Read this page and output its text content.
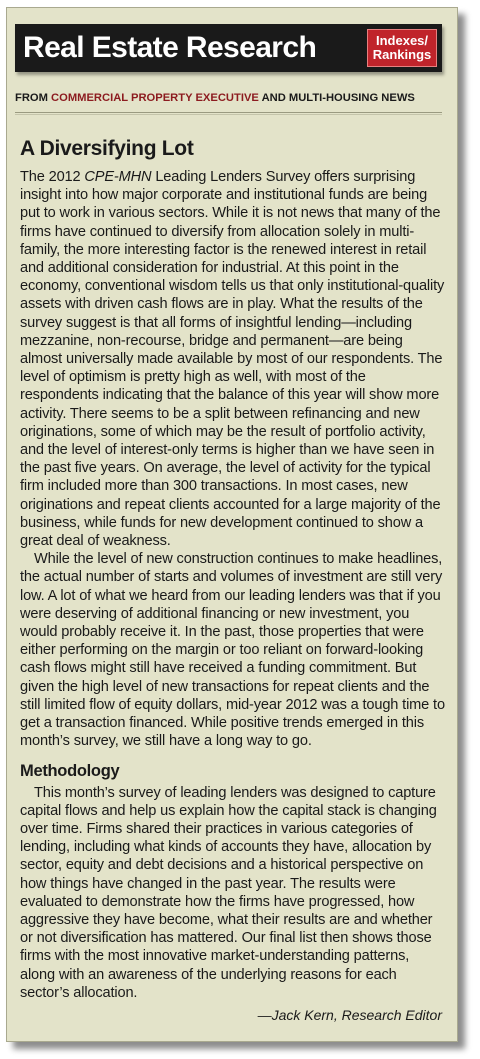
Real Estate Research	Indexes/
Rankings
FROM COMMERCIAL PROPERTY EXECUTIVE AND MULTI-HOUSING NEWS
A Diversifying Lot

The 2012 CPE-MHN Leading Lenders Survey offers surprising insight into how major corporate and institutional funds are being put to work in various sectors. While it is not news that many of the firms have continued to diversify from allocation solely in multi-family, the more interesting factor is the renewed interest in retail and additional consideration for industrial. At this point in the economy, conventional wisdom tells us that only institutional-quality assets with driven cash flows are in play. What the results of the survey suggest is that all forms of insightful lending—including mezzanine, non-recourse, bridge and permanent—are being almost universally made available by most of our respondents. The level of optimism is pretty high as well, with most of the respondents indicating that the balance of this year will show more activity. There seems to be a split between refinancing and new originations, some of which may be the result of portfolio activity, and the level of interest-only terms is higher than we have seen in the past five years. On average, the level of activity for the typical firm included more than 300 transactions. In most cases, new originations and repeat clients accounted for a large majority of the business, while funds for new development continued to show a great deal of weakness.

While the level of new construction continues to make headlines, the actual number of starts and volumes of investment are still very low. A lot of what we heard from our leading lenders was that if you were deserving of additional financing or new investment, you would probably receive it. In the past, those properties that were either performing on the margin or too reliant on forward-looking cash flows might still have received a funding commitment. But given the high level of new transactions for repeat clients and the still limited flow of equity dollars, mid-year 2012 was a tough time to get a transaction financed. While positive trends emerged in this month’s survey, we still have a long way to go.

Methodology

This month’s survey of leading lenders was designed to capture capital flows and help us explain how the capital stack is changing over time. Firms shared their practices in various categories of lending, including what kinds of accounts they have, allocation by sector, equity and debt decisions and a historical perspective on how things have changed in the past year. The results were evaluated to demonstrate how the firms have progressed, how aggressive they have become, what their results are and whether or not diversification has mattered. Our final list then shows those firms with the most innovative market-understanding patterns, along with an awareness of the underlying reasons for each sector’s allocation.

—Jack Kern, Research Editor
